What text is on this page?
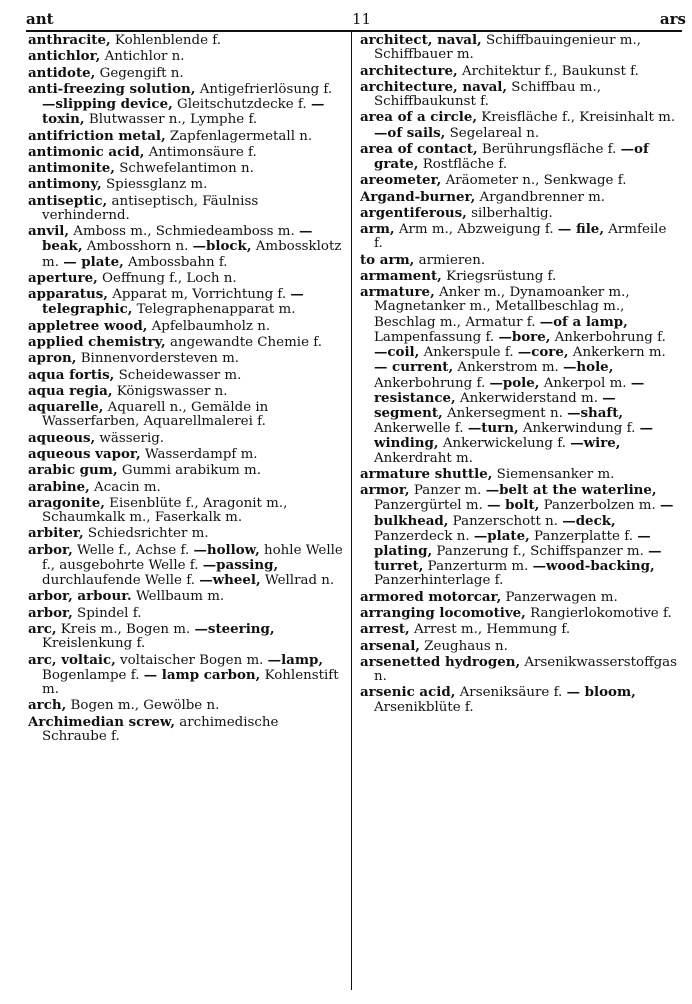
ant	11	ars
anthracite, Kohlenblende f.
antichlor, Antichlor n.
antidote, Gegengift n.
anti-freezing solution, Antigefrierlösung f. —slipping device, Gleitschutzdecke f. —toxin, Blutwasser n., Lymphe f.
antifriction metal, Zapfenlagermetall n.
antimonic acid, Antimonsäure f.
antimonite, Schwefelantimon n.
antimony, Spiessglanz m.
antiseptic, antiseptisch, Fäulniss verhindernd.
anvil, Amboss m., Schmiedeamboss m. —beak, Ambosshorn n. —block, Ambossklotz m. — plate, Ambossbahn f.
aperture, Oeffnung f., Loch n.
apparatus, Apparat m, Vorrichtung f. —telegraphic, Telegraphenapparat m.
appletree wood, Apfelbaumholz n.
applied chemistry, angewandte Chemie f.
apron, Binnenvordersteven m.
aqua fortis, Scheidewasser m.
aqua regia, Königswasser n.
aquarelle, Aquarell n., Gemälde in Wasserfarben, Aquarellmalerei f.
aqueous, wässerig.
aqueous vapor, Wasserdampf m.
arabic gum, Gummi arabikum m.
arabine, Acacin m.
aragonite, Eisenblüte f., Aragonit m., Schaumkalk m., Faserkalk m.
arbiter, Schiedsrichter m.
arbor, Welle f., Achse f. —hollow, hohle Welle f., ausgebohrte Welle f. —passing, durchlaufende Welle f. —wheel, Wellrad n.
arbor, arbour. Wellbaum m.
arbor, Spindel f.
arc, Kreis m., Bogen m. —steering, Kreislenkung f.
arc, voltaic, voltaischer Bogen m. —lamp, Bogenlampe f. — lamp carbon, Kohlenstift m.
arch, Bogen m., Gewölbe n.
Archimedian screw, archimedische Schraube f.
architect, naval, Schiffbauingenieur m., Schiffbauer m.
architecture, Architektur f., Baukunst f.
architecture, naval, Schiffbau m., Schiffbaukunst f.
area of a circle, Kreisfläche f., Kreisinhalt m. —of sails, Segelareal n.
area of contact, Berührungsfläche f. —of grate, Rostfläche f.
areometer, Aräometer n., Senkwage f.
Argand-burner, Argandbrenner m.
argentiferous, silberhaltig.
arm, Arm m., Abzweigung f. — file, Armfeile f.
to arm, armieren.
armament, Kriegsrüstung f.
armature, Anker m., Dynamoanker m., Magnetanker m., Metallbeschlag m., Beschlag m., Armatur f. —of a lamp, Lampenfassung f. —bore, Ankerbohrung f. —coil, Ankerspule f. —core, Ankerkern m. — current, Ankerstrom m. —hole, Ankerbohrung f. —pole, Ankerpol m. —resistance, Ankerwiderstand m. —segment, Ankersegment n. —shaft, Ankerwelle f. —turn, Ankerwindung f. —winding, Ankerwickelung f. —wire, Ankerdraht m.
armature shuttle, Siemensanker m.
armor, Panzer m. —belt at the waterline, Panzergürtel m. — bolt, Panzerbolzen m. —bulkhead, Panzerschott n. —deck, Panzerdeck n. —plate, Panzerplatte f. —plating, Panzerung f., Schiffspanzer m. —turret, Panzerturm m. —wood-backing, Panzerhinterlage f.
armored motorcar, Panzerwagen m.
arranging locomotive, Rangierlokomotive f.
arrest, Arrest m., Hemmung f.
arsenal, Zeughaus n.
arsenetted hydrogen, Arsenikwasserstoffgas n.
arsenic acid, Arseniksäure f. — bloom, Arsenikblüte f.
